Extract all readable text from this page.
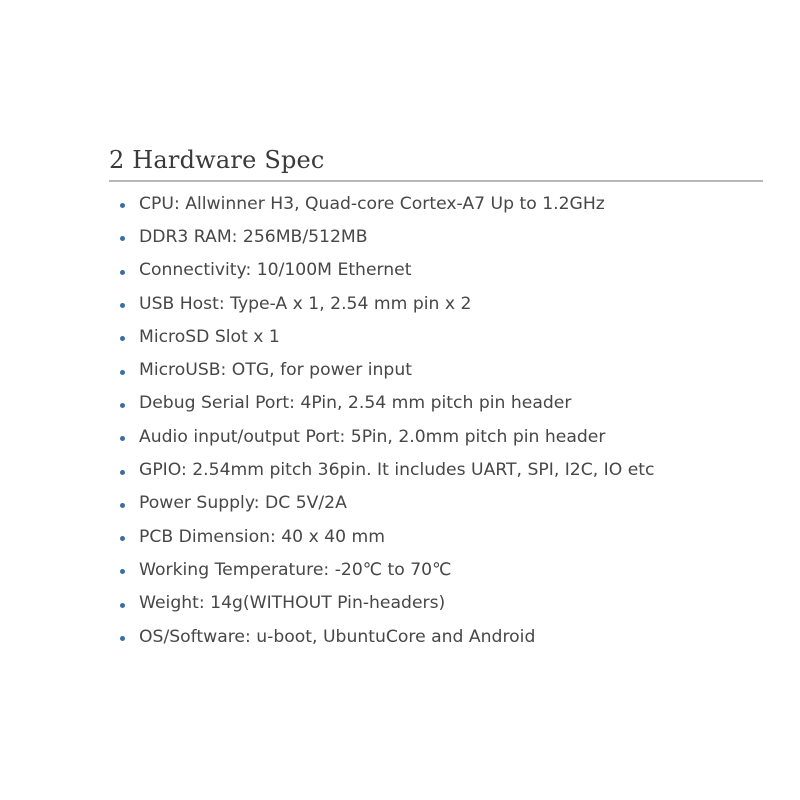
2 Hardware Spec
CPU: Allwinner H3, Quad-core Cortex-A7 Up to 1.2GHz
DDR3 RAM: 256MB/512MB
Connectivity: 10/100M Ethernet
USB Host: Type-A x 1, 2.54 mm pin x 2
MicroSD Slot x 1
MicroUSB: OTG, for power input
Debug Serial Port: 4Pin, 2.54 mm pitch pin header
Audio input/output Port: 5Pin, 2.0mm pitch pin header
GPIO: 2.54mm pitch 36pin. It includes UART, SPI, I2C, IO etc
Power Supply: DC 5V/2A
PCB Dimension: 40 x 40 mm
Working Temperature: -20℃ to 70℃
Weight: 14g(WITHOUT Pin-headers)
OS/Software: u-boot, UbuntuCore and Android
